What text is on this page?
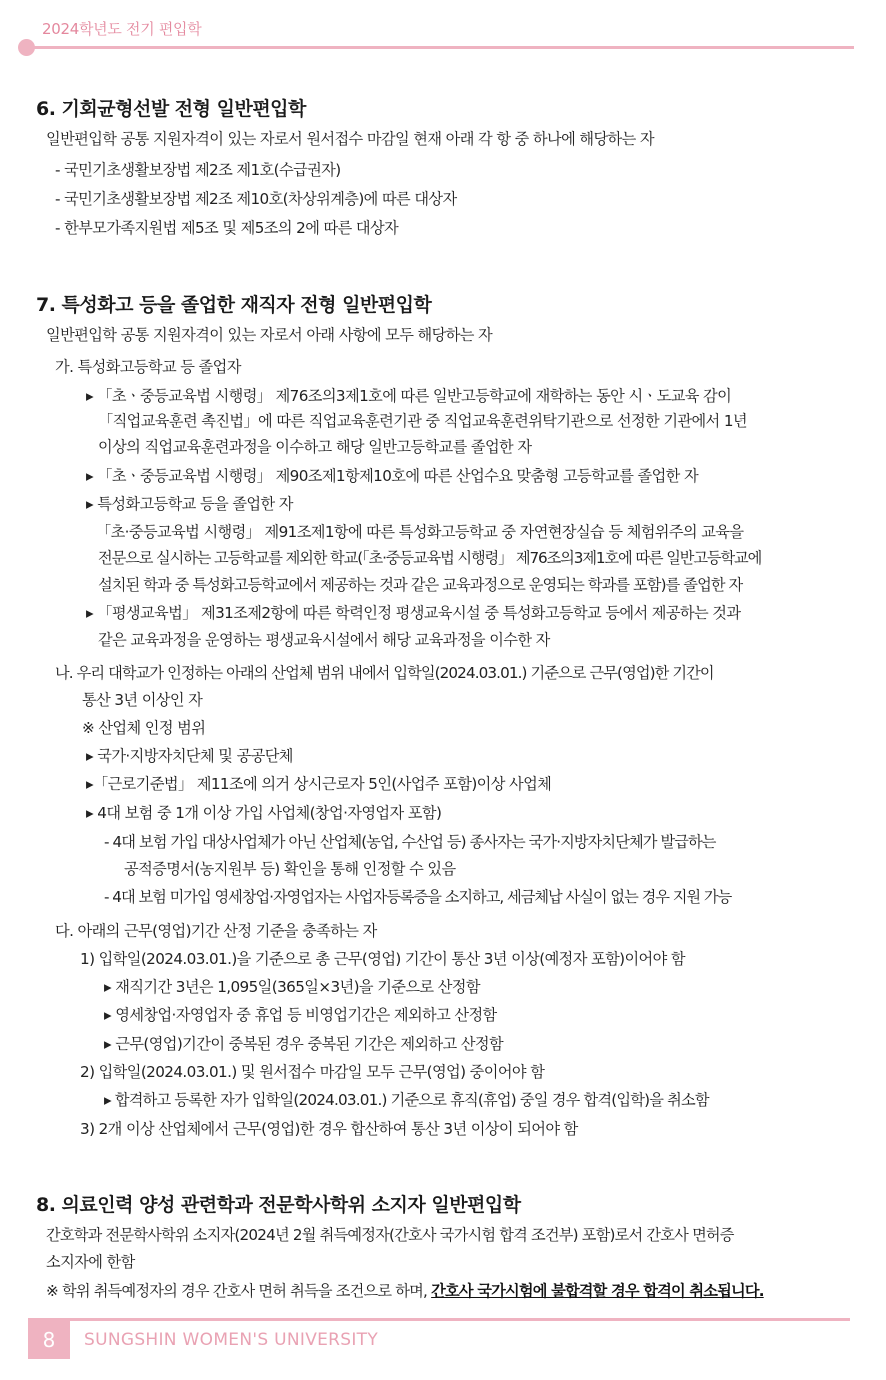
2024학년도 전기 편입학
6. 기회균형선발 전형 일반편입학
일반편입학 공통 지원자격이 있는 자로서 원서접수 마감일 현재 아래 각 항 중 하나에 해당하는 자
- 국민기초생활보장법 제2조 제1호(수급권자)
- 국민기초생활보장법 제2조 제10호(차상위계층)에 따른 대상자
- 한부모가족지원법 제5조 및 제5조의 2에 따른 대상자
7. 특성화고 등을 졸업한 재직자 전형 일반편입학
일반편입학 공통 지원자격이 있는 자로서 아래 사항에 모두 해당하는 자
가. 특성화고등학교 등 졸업자
▸ 「초ㆍ중등교육법 시행령」 제76조의3제1호에 따른 일반고등학교에 재학하는 동안 시ㆍ도교육 감이
「직업교육훈련 촉진법」에 따른 직업교육훈련기관 중 직업교육훈련위탁기관으로 선정한 기관에서 1년
이상의 직업교육훈련과정을 이수하고 해당 일반고등학교를 졸업한 자
▸ 「초ㆍ중등교육법 시행령」 제90조제1항제10호에 따른 산업수요 맞춤형 고등학교를 졸업한 자
▸ 특성화고등학교 등을 졸업한 자
「초·중등교육법 시행령」 제91조제1항에 따른 특성화고등학교 중 자연현장실습 등 체험위주의 교육을
전문으로 실시하는 고등학교를 제외한 학교(「초·중등교육법 시행령」 제76조의3제1호에 따른 일반고등학교에
설치된 학과 중 특성화고등학교에서 제공하는 것과 같은 교육과정으로 운영되는 학과를 포함)를 졸업한 자
▸ 「평생교육법」 제31조제2항에 따른 학력인정 평생교육시설 중 특성화고등학교 등에서 제공하는 것과
같은 교육과정을 운영하는 평생교육시설에서 해당 교육과정을 이수한 자
나. 우리 대학교가 인정하는 아래의 산업체 범위 내에서 입학일(2024.03.01.) 기준으로 근무(영업)한 기간이
통산 3년 이상인 자
※ 산업체 인정 범위
▸ 국가·지방자치단체 및 공공단체
▸「근로기준법」 제11조에 의거 상시근로자 5인(사업주 포함)이상 사업체
▸ 4대 보험 중 1개 이상 가입 사업체(창업·자영업자 포함)
- 4대 보험 가입 대상사업체가 아닌 산업체(농업, 수산업 등) 종사자는 국가·지방자치단체가 발급하는
공적증명서(농지원부 등) 확인을 통해 인정할 수 있음
- 4대 보험 미가입 영세창업·자영업자는 사업자등록증을 소지하고, 세금체납 사실이 없는 경우 지원 가능
다. 아래의 근무(영업)기간 산정 기준을 충족하는 자
1) 입학일(2024.03.01.)을 기준으로 총 근무(영업) 기간이 통산 3년 이상(예정자 포함)이어야 함
▸ 재직기간 3년은 1,095일(365일×3년)을 기준으로 산정함
▸ 영세창업·자영업자 중 휴업 등 비영업기간은 제외하고 산정함
▸ 근무(영업)기간이 중복된 경우 중복된 기간은 제외하고 산정함
2) 입학일(2024.03.01.) 및 원서접수 마감일 모두 근무(영업) 중이어야 함
▸ 합격하고 등록한 자가 입학일(2024.03.01.) 기준으로 휴직(휴업) 중일 경우 합격(입학)을 취소함
3) 2개 이상 산업체에서 근무(영업)한 경우 합산하여 통산 3년 이상이 되어야 함
8. 의료인력 양성 관련학과 전문학사학위 소지자 일반편입학
간호학과 전문학사학위 소지자(2024년 2월 취득예정자(간호사 국가시험 합격 조건부) 포함)로서 간호사 면허증
소지자에 한함
※ 학위 취득예정자의 경우 간호사 면허 취득을 조건으로 하며, 간호사 국가시험에 불합격할 경우 합격이 취소됩니다.
8	SUNGSHIN WOMEN'S UNIVERSITY
